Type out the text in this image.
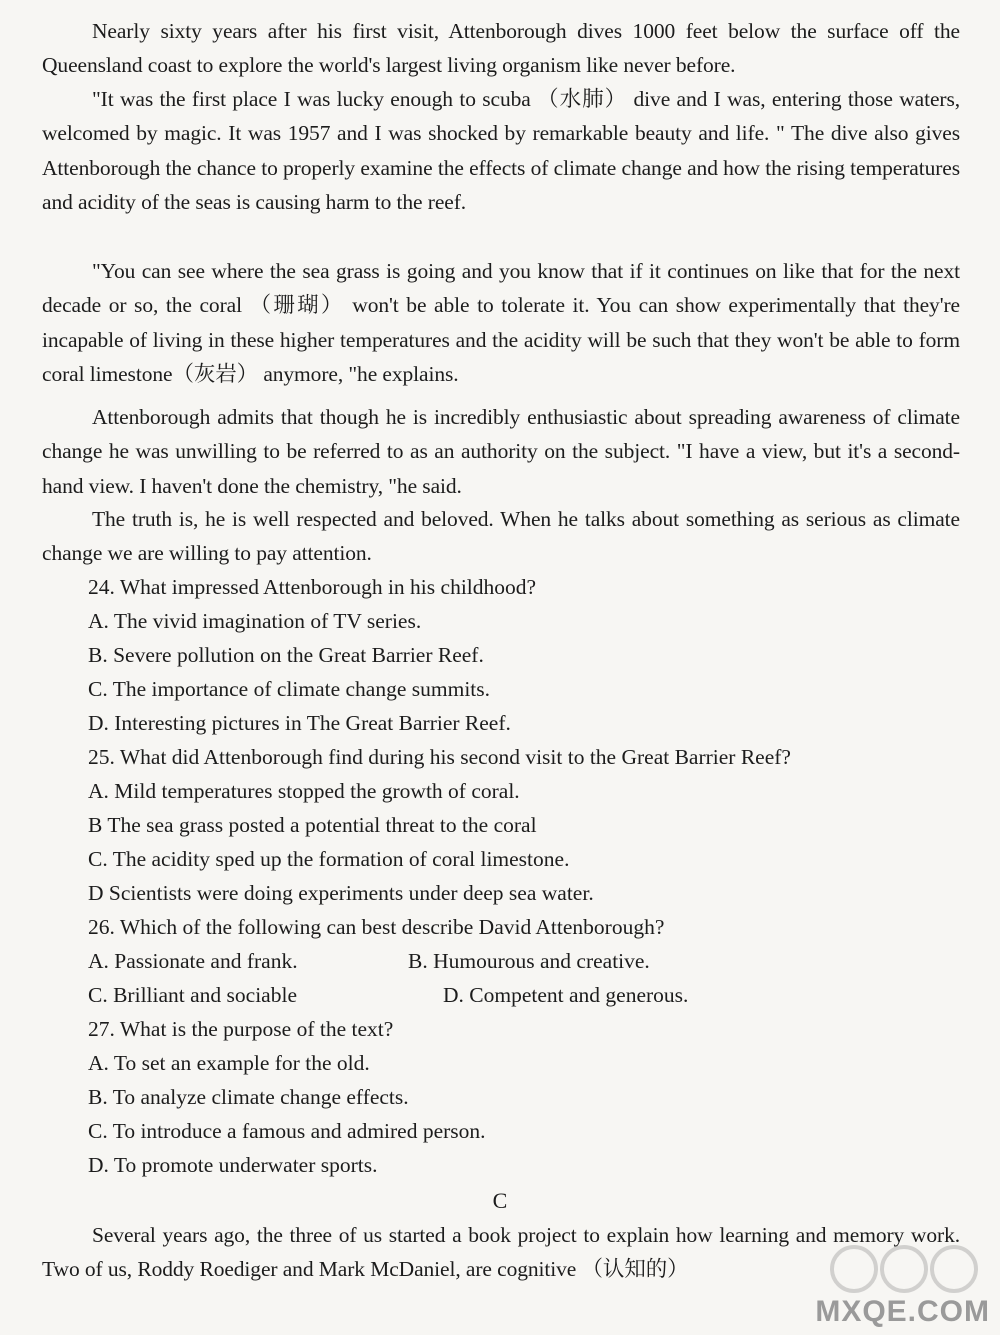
Nearly sixty years after his first visit, Attenborough dives 1000 feet below the surface off the Queensland coast to explore the world's largest living organism like never before.

"It was the first place I was lucky enough to scuba （水肺） dive and I was, entering those waters, welcomed by magic. It was 1957 and I was shocked by remarkable beauty and life. " The dive also gives Attenborough the chance to properly examine the effects of climate change and how the rising temperatures and acidity of the seas is causing harm to the reef.

"You can see where the sea grass is going and you know that if it continues on like that for the next decade or so, the coral （珊瑚） won't be able to tolerate it. You can show experimentally that they're incapable of living in these higher temperatures and the acidity will be such that they won't be able to form coral limestone（灰岩） anymore, "he explains.

Attenborough admits that though he is incredibly enthusiastic about spreading awareness of climate change he was unwilling to be referred to as an authority on the subject. "I have a view, but it's a second-hand view. I haven't done the chemistry, "he said.

The truth is, he is well respected and beloved. When he talks about something as serious as climate change we are willing to pay attention.

24. What impressed Attenborough in his childhood?
A. The vivid imagination of TV series.
B. Severe pollution on the Great Barrier Reef.
C. The importance of climate change summits.
D. Interesting pictures in The Great Barrier Reef.
25. What did Attenborough find during his second visit to the Great Barrier Reef?
A. Mild temperatures stopped the growth of coral.
B The sea grass posted a potential threat to the coral
C. The acidity sped up the formation of coral limestone.
D Scientists were doing experiments under deep sea water.
26. Which of the following can best describe David Attenborough?
A. Passionate and frank.	B. Humourous and creative.
C. Brilliant and sociable	D. Competent and generous.
27. What is the purpose of the text?
A. To set an example for the old.
B. To analyze climate change effects.
C. To introduce a famous and admired person.
D. To promote underwater sports.
C

Several years ago, the three of us started a book project to explain how learning and memory work. Two of us, Roddy Roediger and Mark McDaniel, are cognitive （认知的）

MXQE.COM
